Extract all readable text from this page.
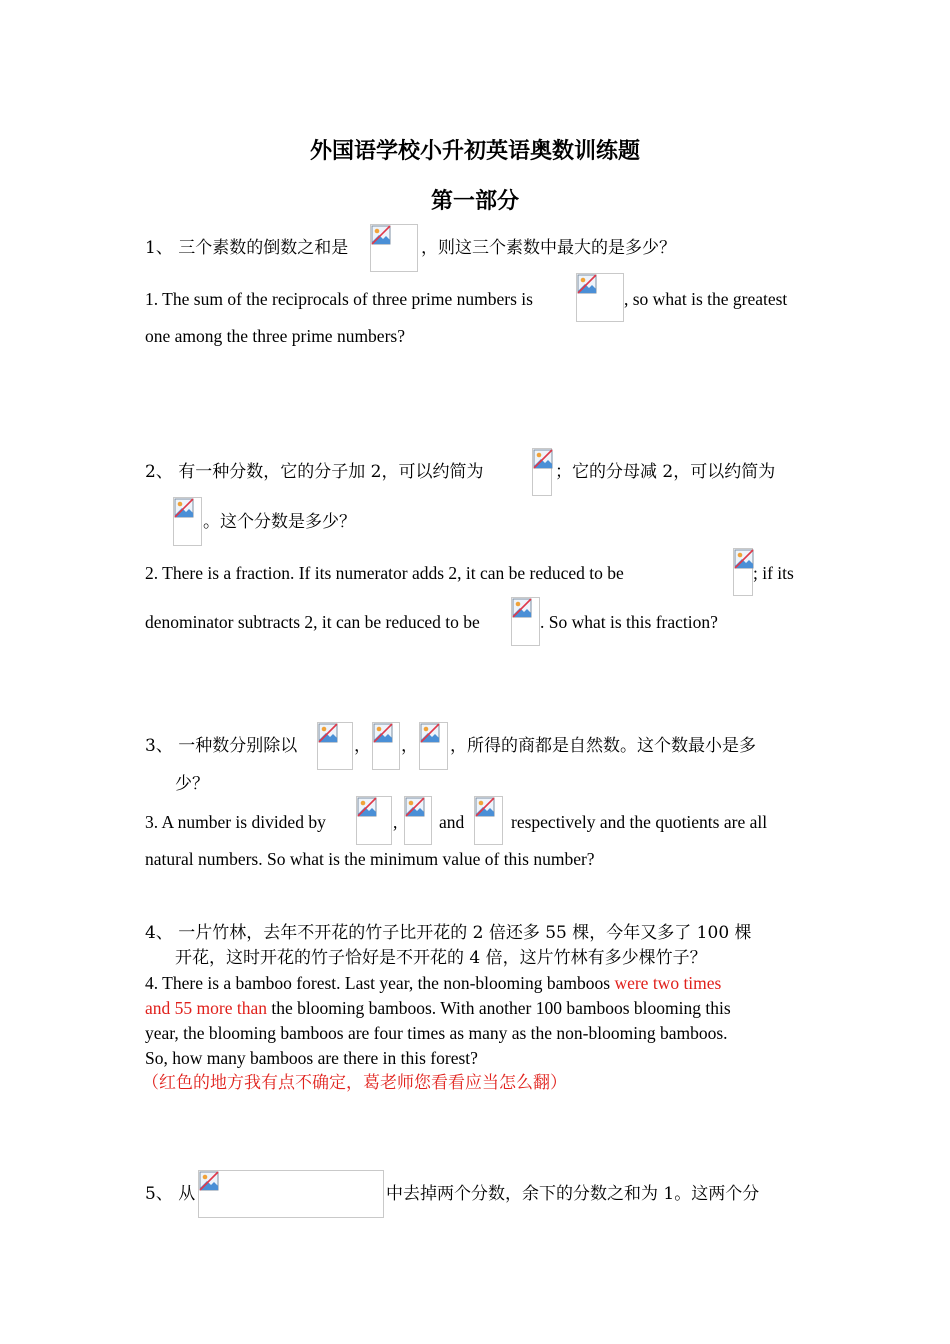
外国语学校小升初英语奥数训练题
第一部分
1、 三个素数的倒数之和是	，则这三个素数中最大的是多少？
1. The sum of the reciprocals of three prime numbers is	, so what is the greatest
one among the three prime numbers?
2、 有一种分数，它的分子加 2，可以约简为	；它的分母减 2，可以约简为
。这个分数是多少？
2. There is a fraction. If its numerator adds 2, it can be reduced to be	; if its
denominator subtracts 2, it can be reduced to be	. So what is this fraction?
3、 一种数分别除以	， ， ，所得的商都是自然数。这个数最小是多
少？
3. A number is divided by	, and	respectively and the quotients are all
natural numbers. So what is the minimum value of this number?
4、 一片竹林，去年不开花的竹子比开花的 2 倍还多 55 棵，今年又多了 100 棵
开花，这时开花的竹子恰好是不开花的 4 倍，这片竹林有多少棵竹子？
4. There is a bamboo forest. Last year, the non-blooming bamboos were two times
and 55 more than the blooming bamboos. With another 100 bamboos blooming this
year, the blooming bamboos are four times as many as the non-blooming bamboos.
So, how many bamboos are there in this forest?
（红色的地方我有点不确定，葛老师您看看应当怎么翻）
5、 从	中去掉两个分数，余下的分数之和为 1。这两个分
